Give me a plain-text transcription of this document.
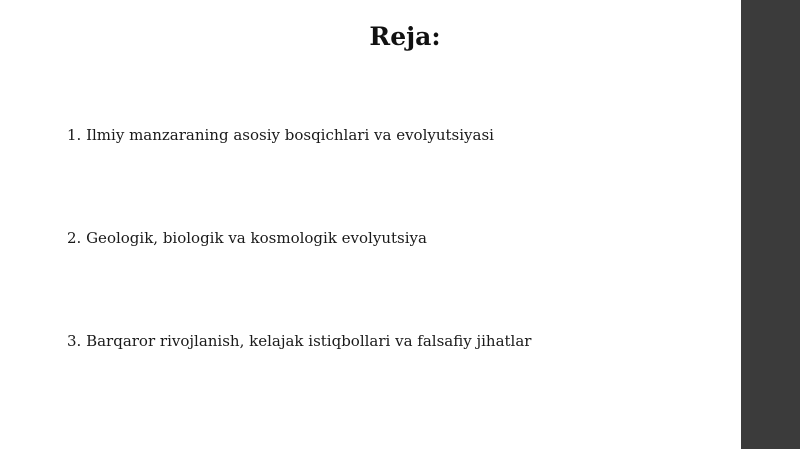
Reja:
1. Ilmiy manzaraning asosiy bosqichlari va evolyutsiyasi
2. Geologik, biologik va kosmologik evolyutsiya
3. Barqaror rivojlanish, kelajak istiqbollari va falsafiy jihatlar
